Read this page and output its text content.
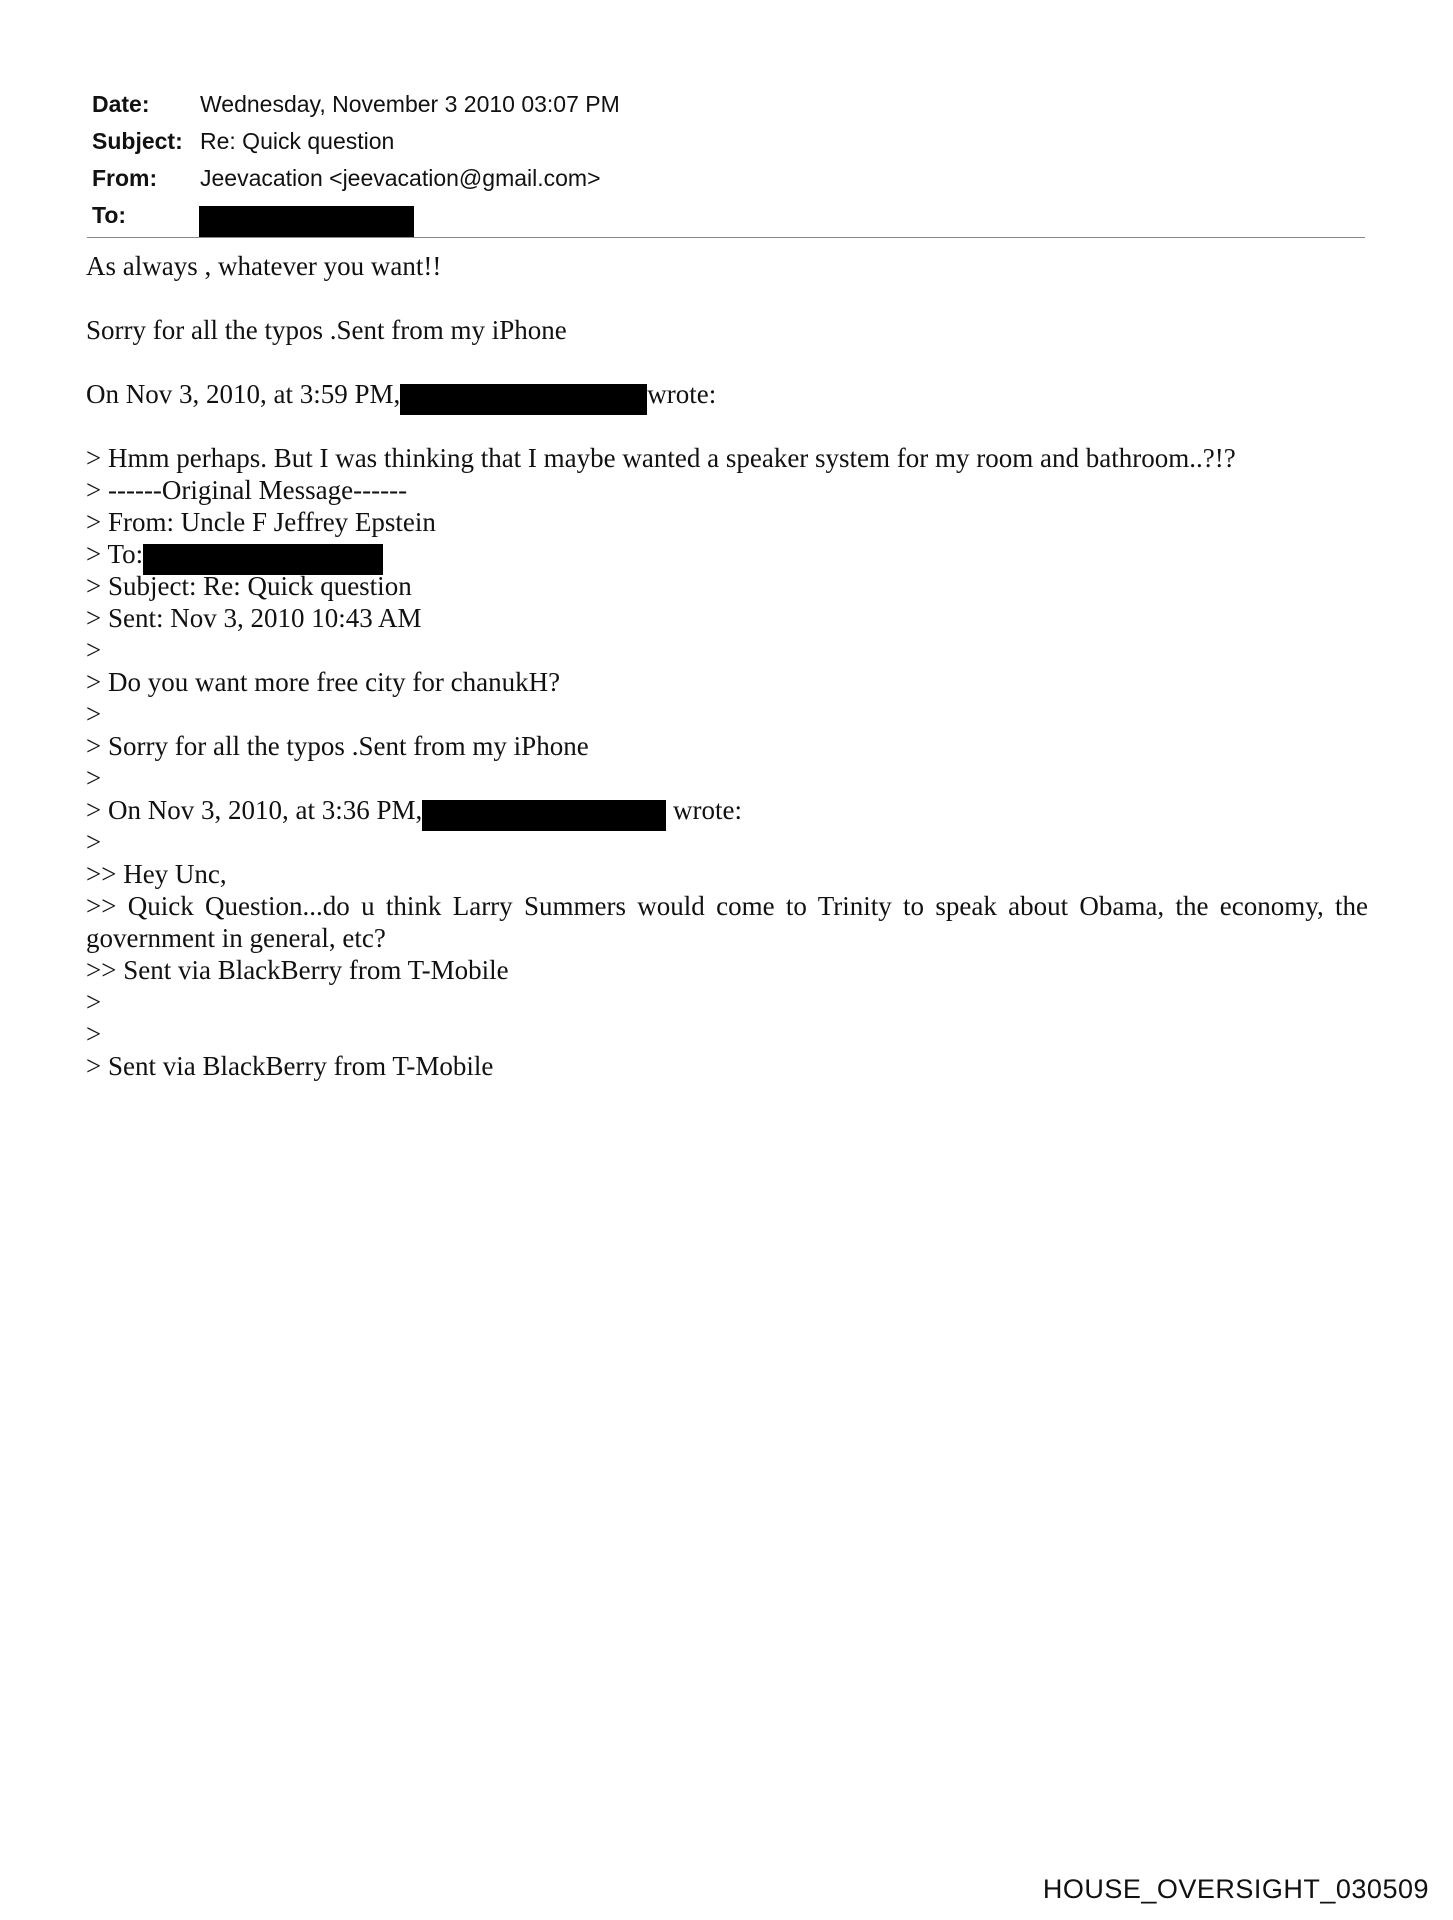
Date: Wednesday, November 3 2010 03:07 PM
Subject: Re: Quick question
From: Jeevacation <jeevacation@gmail.com>
To:
As always , whatever you want!!
Sorry for all the typos .Sent from my iPhone
On Nov 3, 2010, at 3:59 PM,	wrote:
> Hmm perhaps. But I was thinking that I maybe wanted a speaker system for my room and bathroom..?!?
> ------Original Message------
> From: Uncle F Jeffrey Epstein
> To:
> Subject: Re: Quick question
> Sent: Nov 3, 2010 10:43 AM
>
> Do you want more free city for chanukH?
>
> Sorry for all the typos .Sent from my iPhone
>
> On Nov 3, 2010, at 3:36 PM,	wrote:
>
>> Hey Unc,
>> Quick Question...do u think Larry Summers would come to Trinity to speak about Obama, the economy, the government in general, etc?
>> Sent via BlackBerry from T-Mobile
>
>
> Sent via BlackBerry from T-Mobile
HOUSE_OVERSIGHT_030509
